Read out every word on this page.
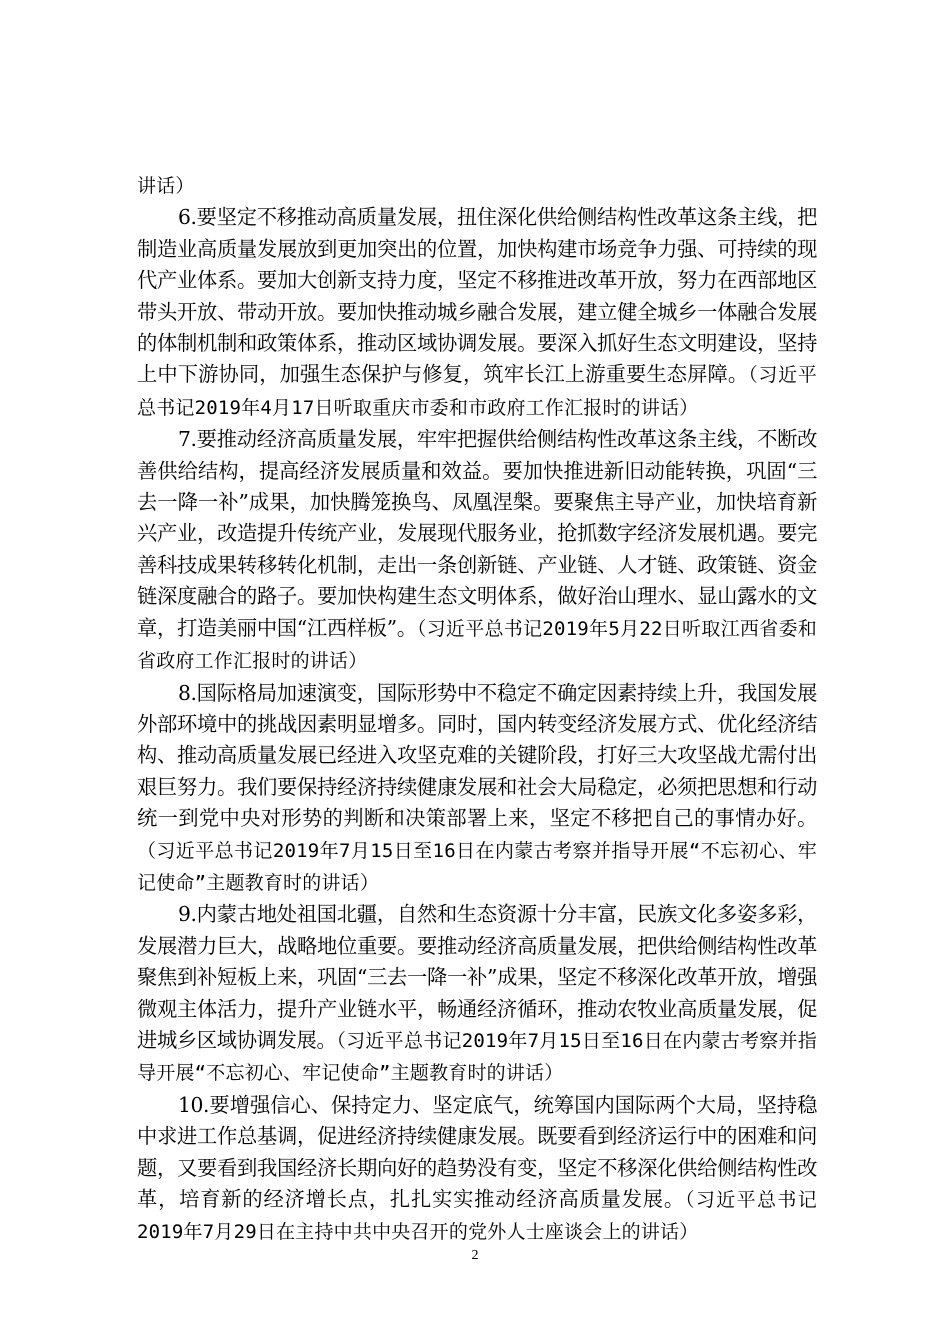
讲话）

6.要坚定不移推动高质量发展，扭住深化供给侧结构性改革这条主线，把制造业高质量发展放到更加突出的位置，加快构建市场竞争力强、可持续的现代产业体系。要加大创新支持力度，坚定不移推进改革开放，努力在西部地区带头开放、带动开放。要加快推动城乡融合发展，建立健全城乡一体融合发展的体制机制和政策体系，推动区域协调发展。要深入抓好生态文明建设，坚持上中下游协同，加强生态保护与修复，筑牢长江上游重要生态屏障。（习近平总书记2019年4月17日听取重庆市委和市政府工作汇报时的讲话）

7.要推动经济高质量发展，牢牢把握供给侧结构性改革这条主线，不断改善供给结构，提高经济发展质量和效益。要加快推进新旧动能转换，巩固“三去一降一补”成果，加快腾笼换鸟、凤凰涅槃。要聚焦主导产业，加快培育新兴产业，改造提升传统产业，发展现代服务业，抢抓数字经济发展机遇。要完善科技成果转移转化机制，走出一条创新链、产业链、人才链、政策链、资金链深度融合的路子。要加快构建生态文明体系，做好治山理水、显山露水的文章，打造美丽中国“江西样板”。（习近平总书记2019年5月22日听取江西省委和省政府工作汇报时的讲话）

8.国际格局加速演变，国际形势中不稳定不确定因素持续上升，我国发展外部环境中的挑战因素明显增多。同时，国内转变经济发展方式、优化经济结构、推动高质量发展已经进入攻坚克难的关键阶段，打好三大攻坚战尤需付出艰巨努力。我们要保持经济持续健康发展和社会大局稳定，必须把思想和行动统一到党中央对形势的判断和决策部署上来，坚定不移把自己的事情办好。（习近平总书记2019年7月15日至16日在内蒙古考察并指导开展“不忘初心、牢记使命”主题教育时的讲话）

9.内蒙古地处祖国北疆，自然和生态资源十分丰富，民族文化多姿多彩，发展潜力巨大，战略地位重要。要推动经济高质量发展，把供给侧结构性改革聚焦到补短板上来，巩固“三去一降一补”成果，坚定不移深化改革开放，增强微观主体活力，提升产业链水平，畅通经济循环，推动农牧业高质量发展，促进城乡区域协调发展。（习近平总书记2019年7月15日至16日在内蒙古考察并指导开展“不忘初心、牢记使命”主题教育时的讲话）

10.要增强信心、保持定力、坚定底气，统筹国内国际两个大局，坚持稳中求进工作总基调，促进经济持续健康发展。既要看到经济运行中的困难和问题，又要看到我国经济长期向好的趋势没有变，坚定不移深化供给侧结构性改革，培育新的经济增长点，扎扎实实推动经济高质量发展。（习近平总书记2019年7月29日在主持中共中央召开的党外人士座谈会上的讲话）

2
